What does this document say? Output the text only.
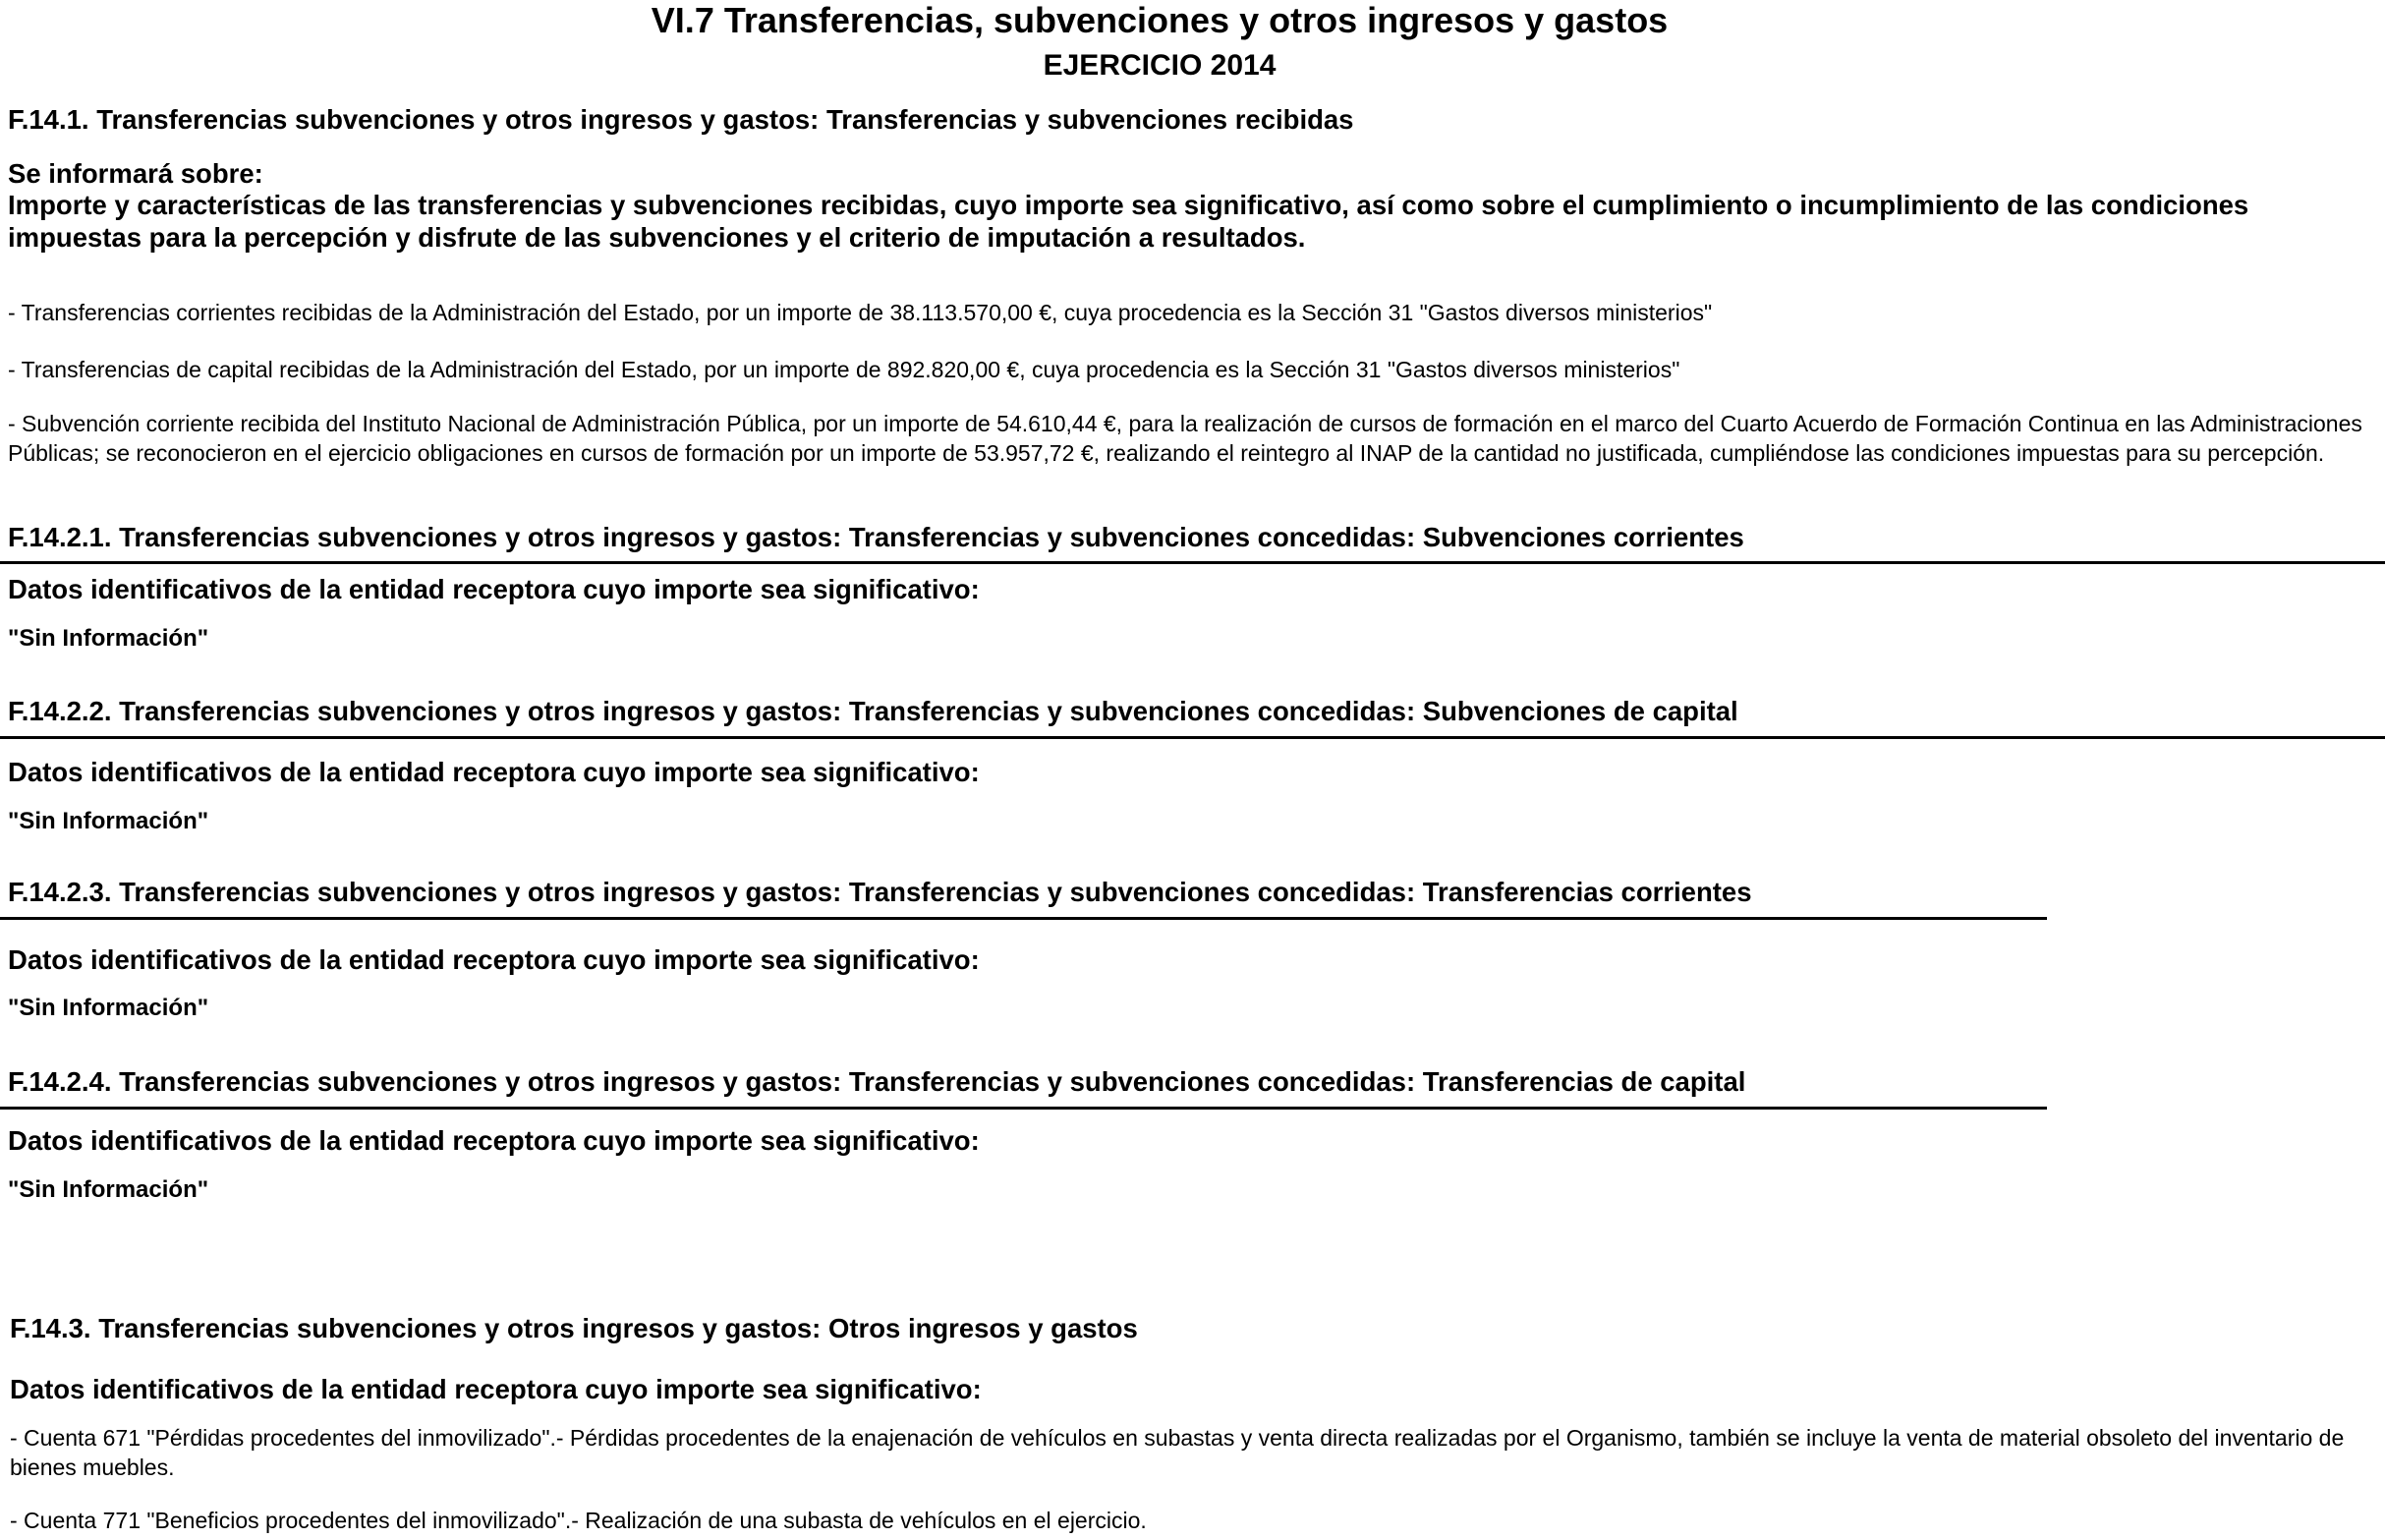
VI.7 Transferencias, subvenciones y otros ingresos y gastos
EJERCICIO 2014
F.14.1. Transferencias subvenciones y otros ingresos y gastos: Transferencias y subvenciones recibidas
Se informará sobre:
Importe y características de las transferencias y subvenciones recibidas, cuyo importe sea significativo, así como sobre el cumplimiento o incumplimiento de las condiciones impuestas para la percepción y disfrute de las subvenciones y el criterio de imputación a resultados.
- Transferencias corrientes recibidas de la Administración del Estado, por un importe de 38.113.570,00 €, cuya procedencia es la Sección 31 "Gastos diversos ministerios"
- Transferencias de capital recibidas de la Administración del Estado, por un importe de 892.820,00 €, cuya procedencia es la Sección 31 "Gastos diversos ministerios"
- Subvención corriente recibida del Instituto Nacional de Administración Pública, por un importe de 54.610,44 €, para la realización de cursos de formación en el marco del Cuarto Acuerdo de Formación Continua en las Administraciones Públicas; se reconocieron en el ejercicio obligaciones en cursos de formación por un importe de 53.957,72 €, realizando el reintegro al INAP de la cantidad no justificada, cumpliéndose las condiciones impuestas para su percepción.
F.14.2.1. Transferencias subvenciones y otros ingresos y gastos: Transferencias y subvenciones concedidas: Subvenciones corrientes
Datos identificativos de la entidad receptora cuyo importe sea significativo:
"Sin Información"
F.14.2.2. Transferencias subvenciones y otros ingresos y gastos: Transferencias y subvenciones concedidas: Subvenciones de capital
Datos identificativos de la entidad receptora cuyo importe sea significativo:
"Sin Información"
F.14.2.3. Transferencias subvenciones y otros ingresos y gastos: Transferencias y subvenciones concedidas: Transferencias corrientes
Datos identificativos de la entidad receptora cuyo importe sea significativo:
"Sin Información"
F.14.2.4. Transferencias subvenciones y otros ingresos y gastos: Transferencias y subvenciones concedidas: Transferencias de capital
Datos identificativos de la entidad receptora cuyo importe sea significativo:
"Sin Información"
F.14.3. Transferencias subvenciones y otros ingresos y gastos: Otros ingresos y gastos
Datos identificativos de la entidad receptora cuyo importe sea significativo:
- Cuenta 671 "Pérdidas procedentes del inmovilizado".- Pérdidas procedentes de la enajenación de vehículos en subastas y venta directa realizadas por el Organismo, también se incluye la venta de material obsoleto del inventario de bienes muebles.
- Cuenta 771 "Beneficios procedentes del inmovilizado".- Realización de una subasta de vehículos en el ejercicio.
